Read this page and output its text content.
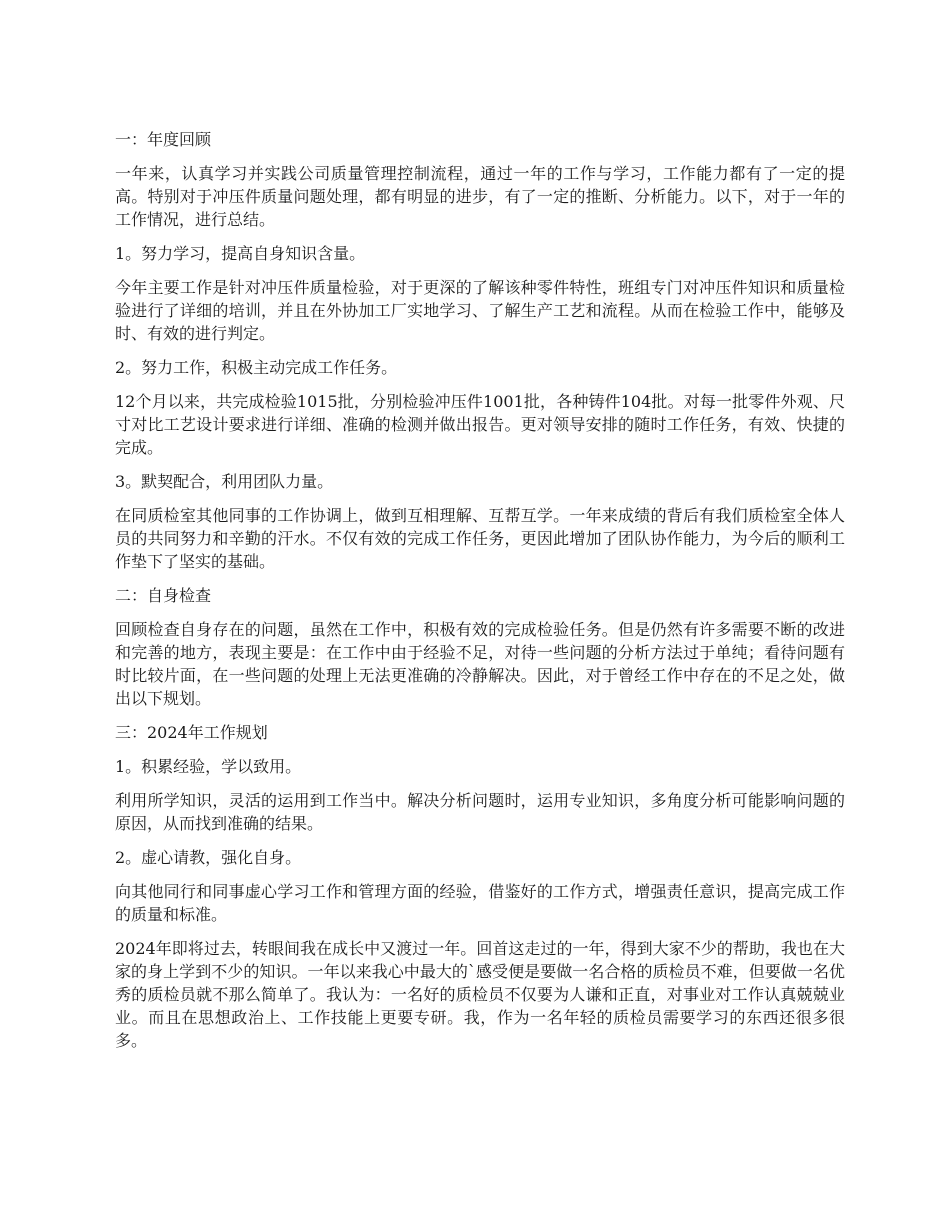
一：年度回顾
一年来，认真学习并实践公司质量管理控制流程，通过一年的工作与学习，工作能力都有了一定的提高。特别对于冲压件质量问题处理，都有明显的进步，有了一定的推断、分析能力。以下，对于一年的工作情况，进行总结。
1。努力学习，提高自身知识含量。
今年主要工作是针对冲压件质量检验，对于更深的了解该种零件特性，班组专门对冲压件知识和质量检验进行了详细的培训，并且在外协加工厂实地学习、了解生产工艺和流程。从而在检验工作中，能够及时、有效的进行判定。
2。努力工作，积极主动完成工作任务。
12个月以来，共完成检验1015批，分别检验冲压件1001批，各种铸件104批。对每一批零件外观、尺寸对比工艺设计要求进行详细、准确的检测并做出报告。更对领导安排的随时工作任务，有效、快捷的完成。
3。默契配合，利用团队力量。
在同质检室其他同事的工作协调上，做到互相理解、互帮互学。一年来成绩的背后有我们质检室全体人员的共同努力和辛勤的汗水。不仅有效的完成工作任务，更因此增加了团队协作能力，为今后的顺利工作垫下了坚实的基础。
二：自身检查
回顾检查自身存在的问题，虽然在工作中，积极有效的完成检验任务。但是仍然有许多需要不断的改进和完善的地方，表现主要是：在工作中由于经验不足，对待一些问题的分析方法过于单纯；看待问题有时比较片面，在一些问题的处理上无法更准确的冷静解决。因此，对于曾经工作中存在的不足之处，做出以下规划。
三：2024年工作规划
1。积累经验，学以致用。
利用所学知识，灵活的运用到工作当中。解决分析问题时，运用专业知识，多角度分析可能影响问题的原因，从而找到准确的结果。
2。虚心请教，强化自身。
向其他同行和同事虚心学习工作和管理方面的经验，借鉴好的工作方式，增强责任意识，提高完成工作的质量和标准。
2024年即将过去，转眼间我在成长中又渡过一年。回首这走过的一年，得到大家不少的帮助，我也在大家的身上学到不少的知识。一年以来我心中最大的`感受便是要做一名合格的质检员不难，但要做一名优秀的质检员就不那么简单了。我认为：一名好的质检员不仅要为人谦和正直，对事业对工作认真兢兢业业。而且在思想政治上、工作技能上更要专研。我，作为一名年轻的质检员需要学习的东西还很多很多。
